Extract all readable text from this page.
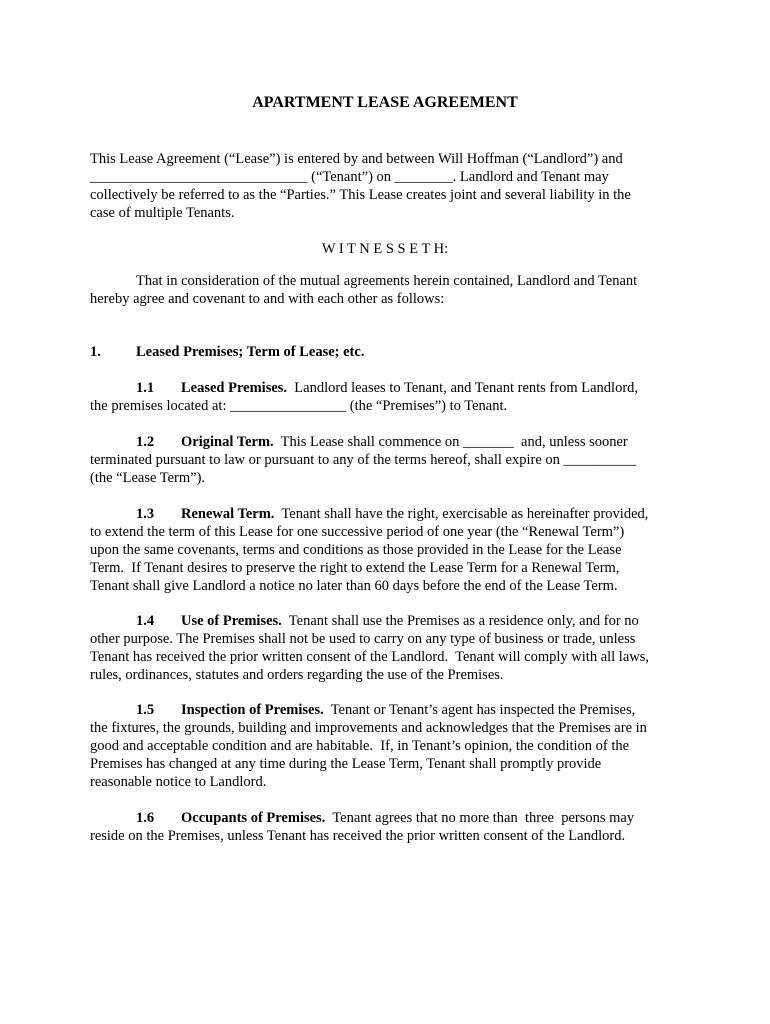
APARTMENT LEASE AGREEMENT
This Lease Agreement (“Lease”) is entered by and between Will Hoffman (“Landlord”) and
______________________________ (“Tenant”) on ________. Landlord and Tenant may
collectively be referred to as the “Parties.” This Lease creates joint and several liability in the
case of multiple Tenants.
W I T N E S S E T H:
That in consideration of the mutual agreements herein contained, Landlord and Tenant
hereby agree and covenant to and with each other as follows:
1. Leased Premises; Term of Lease; etc.
1.1 Leased Premises.  Landlord leases to Tenant, and Tenant rents from Landlord,
the premises located at: ________________ (the “Premises”) to Tenant.
1.2 Original Term.  This Lease shall commence on _______  and, unless sooner
terminated pursuant to law or pursuant to any of the terms hereof, shall expire on __________
(the “Lease Term”).
1.3 Renewal Term.  Tenant shall have the right, exercisable as hereinafter provided,
to extend the term of this Lease for one successive period of one year (the “Renewal Term”)
upon the same covenants, terms and conditions as those provided in the Lease for the Lease
Term.  If Tenant desires to preserve the right to extend the Lease Term for a Renewal Term,
Tenant shall give Landlord a notice no later than 60 days before the end of the Lease Term.
1.4 Use of Premises.  Tenant shall use the Premises as a residence only, and for no
other purpose. The Premises shall not be used to carry on any type of business or trade, unless
Tenant has received the prior written consent of the Landlord.  Tenant will comply with all laws,
rules, ordinances, statutes and orders regarding the use of the Premises.
1.5 Inspection of Premises.  Tenant or Tenant’s agent has inspected the Premises,
the fixtures, the grounds, building and improvements and acknowledges that the Premises are in
good and acceptable condition and are habitable.  If, in Tenant’s opinion, the condition of the
Premises has changed at any time during the Lease Term, Tenant shall promptly provide
reasonable notice to Landlord.
1.6 Occupants of Premises.  Tenant agrees that no more than  three  persons may
reside on the Premises, unless Tenant has received the prior written consent of the Landlord.
